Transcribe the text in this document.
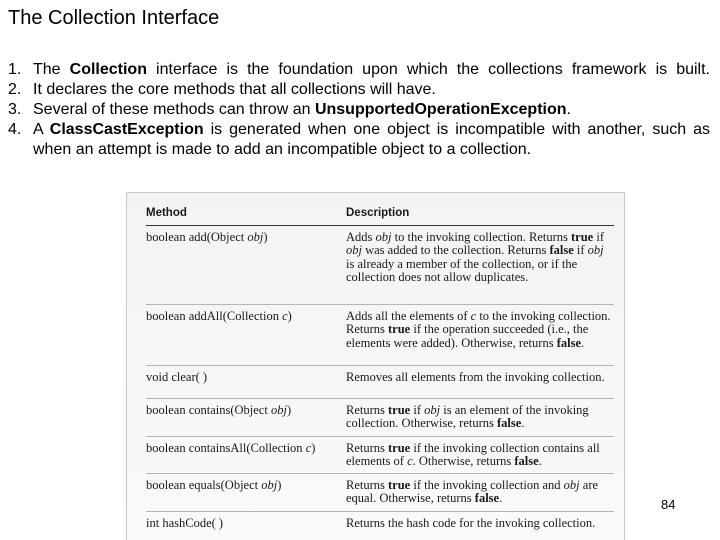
The Collection Interface
1. The Collection interface is the foundation upon which the collections framework is built.
2. It declares the core methods that all collections will have.
3. Several of these methods can throw an UnsupportedOperationException.
4. A ClassCastException is generated when one object is incompatible with another, such as when an attempt is made to add an incompatible object to a collection.
Method	Description
boolean add(Object obj)	Adds obj to the invoking collection. Returns true if obj was added to the collection. Returns false if obj is already a member of the collection, or if the collection does not allow duplicates.
boolean addAll(Collection c)	Adds all the elements of c to the invoking collection. Returns true if the operation succeeded (i.e., the elements were added). Otherwise, returns false.
void clear( )	Removes all elements from the invoking collection.
boolean contains(Object obj)	Returns true if obj is an element of the invoking collection. Otherwise, returns false.
boolean containsAll(Collection c)	Returns true if the invoking collection contains all elements of c. Otherwise, returns false.
boolean equals(Object obj)	Returns true if the invoking collection and obj are equal. Otherwise, returns false.
int hashCode( )	Returns the hash code for the invoking collection.
84
